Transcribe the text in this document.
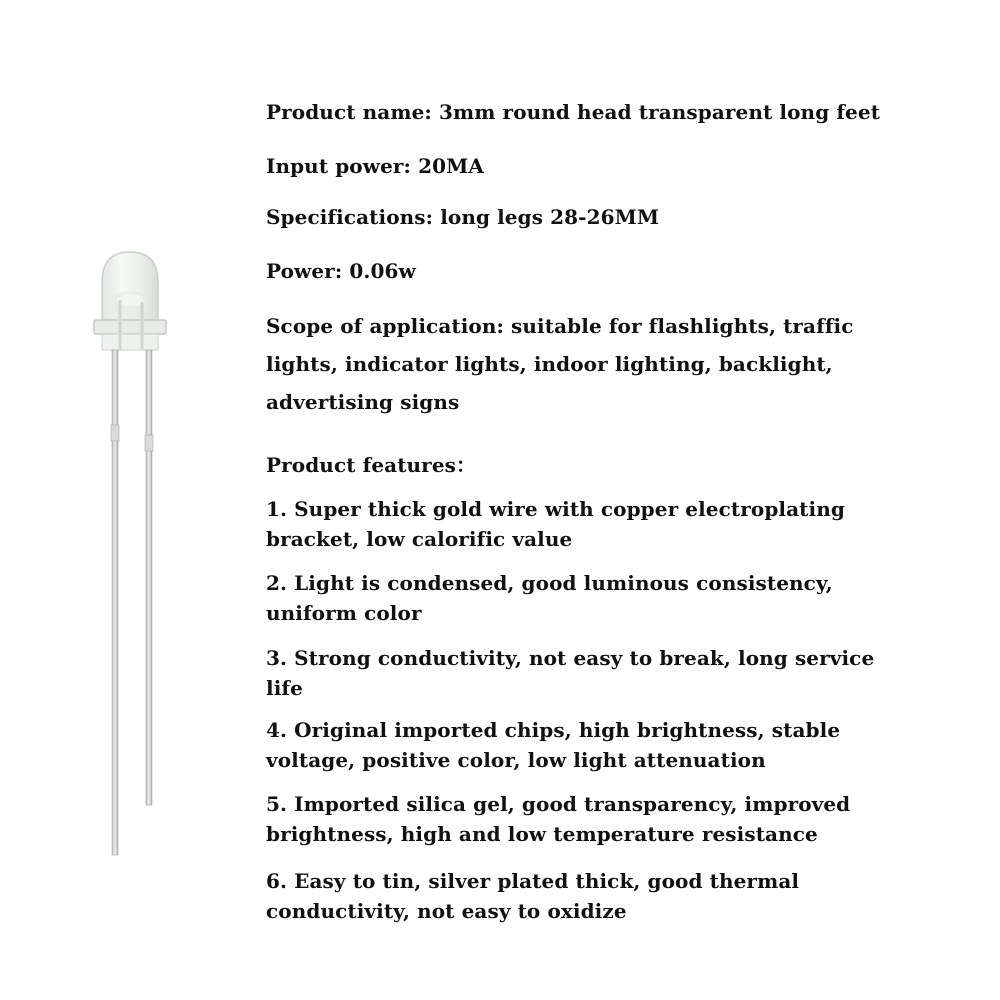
Product name: 3mm round head transparent long feet

Input power: 20MA

Specifications: long legs 28-26MM

Power: 0.06w

Scope of application: suitable for flashlights, traffic
lights, indicator lights, indoor lighting, backlight,
advertising signs

Product features：

1. Super thick gold wire with copper electroplating
bracket, low calorific value
2. Light is condensed, good luminous consistency,
uniform color
3. Strong conductivity, not easy to break, long service
life
4. Original imported chips, high brightness, stable
voltage, positive color, low light attenuation
5. Imported silica gel, good transparency, improved
brightness, high and low temperature resistance
6. Easy to tin, silver plated thick, good thermal
conductivity, not easy to oxidize
